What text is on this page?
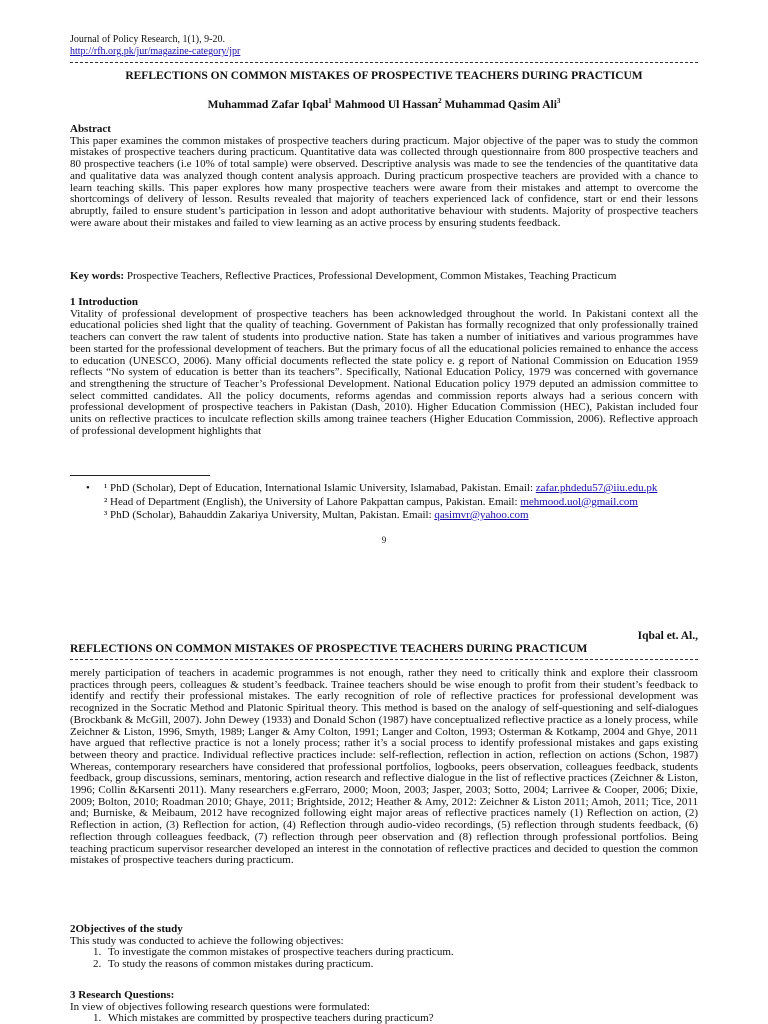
Journal of Policy Research, 1(1), 9-20.
http://rfh.org.pk/jur/magazine-category/jpr
REFLECTIONS ON COMMON MISTAKES OF PROSPECTIVE TEACHERS DURING PRACTICUM
Muhammad Zafar Iqbal$^1$ Mahmood Ul Hassan$^2$ Muhammad Qasim Ali$^3$
Abstract
This paper examines the common mistakes of prospective teachers during practicum. Major objective of the paper was to study the common mistakes of prospective teachers during practicum. Quantitative data was collected through questionnaire from 800 prospective teachers and 80 prospective teachers (i.e 10% of total sample) were observed. Descriptive analysis was made to see the tendencies of the quantitative data and qualitative data was analyzed though content analysis approach. During practicum prospective teachers are provided with a chance to learn teaching skills. This paper explores how many prospective teachers were aware from their mistakes and attempt to overcome the shortcomings of delivery of lesson. Results revealed that majority of teachers experienced lack of confidence, start or end their lessons abruptly, failed to ensure student’s participation in lesson and adopt authoritative behaviour with students. Majority of prospective teachers were aware about their mistakes and failed to view learning as an active process by ensuring students feedback.
Key words: Prospective Teachers, Reflective Practices, Professional Development, Common Mistakes, Teaching Practicum
1 Introduction
Vitality of professional development of prospective teachers has been acknowledged throughout the world. In Pakistani context all the educational policies shed light that the quality of teaching. Government of Pakistan has formally recognized that only professionally trained teachers can convert the raw talent of students into productive nation. State has taken a number of initiatives and various programmes have been started for the professional development of teachers. But the primary focus of all the educational policies remained to enhance the access to education (UNESCO, 2006). Many official documents reflected the state policy e. g report of National Commission on Education 1959 reflects “No system of education is better than its teachers”. Specifically, National Education Policy, 1979 was concerned with governance and strengthening the structure of Teacher’s Professional Development. National Education policy 1979 deputed an admission committee to select committed candidates. All the policy documents, reforms agendas and commission reports always had a serious concern with professional development of prospective teachers in Pakistan (Dash, 2010). Higher Education Commission (HEC), Pakistan included four units on reflective practices to inculcate reflection skills among trainee teachers (Higher Education Commission, 2006). Reflective approach of professional development highlights that
• ¹ PhD (Scholar), Dept of Education, International Islamic University, Islamabad, Pakistan. Email: zafar.phdedu57@iiu.edu.pk
² Head of Department (English), the University of Lahore Pakpattan campus, Pakistan. Email: mehmood.uol@gmail.com
³ PhD (Scholar), Bahauddin Zakariya University, Multan, Pakistan. Email: qasimvr@yahoo.com
9
Iqbal et. Al.,
REFLECTIONS ON COMMON MISTAKES OF PROSPECTIVE TEACHERS DURING PRACTICUM
merely participation of teachers in academic programmes is not enough, rather they need to critically think and explore their classroom practices through peers, colleagues & student’s feedback. Trainee teachers should be wise enough to profit from their student’s feedback to identify and rectify their professional mistakes. The early recognition of role of reflective practices for professional development was recognized in the Socratic Method and Platonic Spiritual theory. This method is based on the analogy of self-questioning and self-dialogues (Brockbank & McGill, 2007). John Dewey (1933) and Donald Schon (1987) have conceptualized reflective practice as a lonely process, while Zeichner & Liston, 1996, Smyth, 1989; Langer & Amy Colton, 1991; Langer and Colton, 1993; Osterman & Kotkamp, 2004 and Ghye, 2011 have argued that reflective practice is not a lonely process; rather it’s a social process to identify professional mistakes and gaps existing between theory and practice. Individual reflective practices include: self-reflection, reflection in action, reflection on actions (Schon, 1987) Whereas, contemporary researchers have considered that professional portfolios, logbooks, peers observation, colleagues feedback, students feedback, group discussions, seminars, mentoring, action research and reflective dialogue in the list of reflective practices (Zeichner & Liston, 1996; Collin &Karsenti 2011). Many researchers e.gFerraro, 2000; Moon, 2003; Jasper, 2003; Sotto, 2004; Larrivee & Cooper, 2006; Dixie, 2009; Bolton, 2010; Roadman 2010; Ghaye, 2011; Brightside, 2012; Heather & Amy, 2012: Zeichner & Liston 2011; Amoh, 2011; Tice, 2011 and; Burniske, & Meibaum, 2012 have recognized following eight major areas of reflective practices namely (1) Reflection on action, (2) Reflection in action, (3) Reflection for action, (4) Reflection through audio-video recordings, (5) reflection through students feedback, (6) reflection through colleagues feedback, (7) reflection through peer observation and (8) reflection through professional portfolios. Being teaching practicum supervisor researcher developed an interest in the connotation of reflective practices and decided to question the common mistakes of prospective teachers during practicum.
2Objectives of the study
This study was conducted to achieve the following objectives:
1. To investigate the common mistakes of prospective teachers during practicum.
2. To study the reasons of common mistakes during practicum.
3 Research Questions:
In view of objectives following research questions were formulated:
1. Which mistakes are committed by prospective teachers during practicum?
